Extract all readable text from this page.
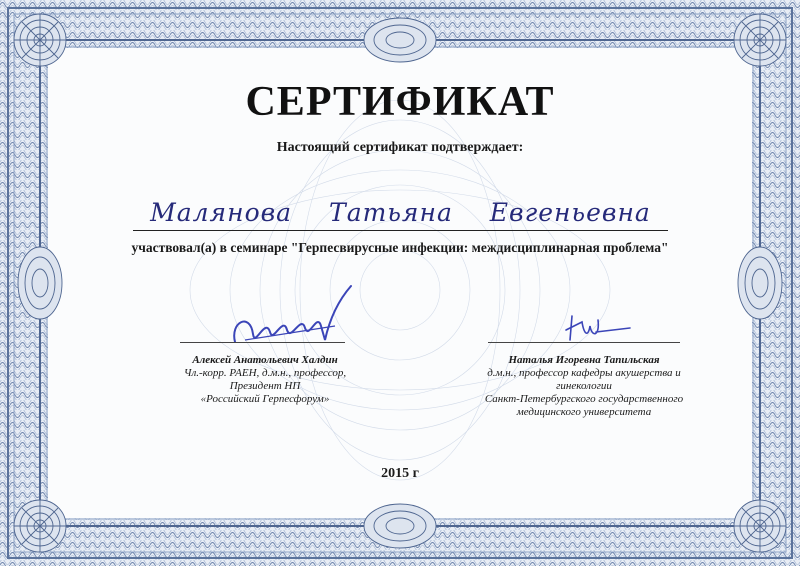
СЕРТИФИКАТ
Настоящий сертификат подтверждает:
Малянова Татьяна Евгеньевна
участвовал(а) в семинаре "Герпесвирусные инфекции: междисциплинарная проблема"
Алексей Анатольевич Халдин
Чл.-корр. РАЕН, д.м.н., профессор,
Президент НП
«Российский Герпесфорум»
Наталья Игоревна Тапильская
д.м.н., профессор кафедры акушерства и
гинекологии
Санкт-Петербургского государственного
медицинского университета
2015 г
